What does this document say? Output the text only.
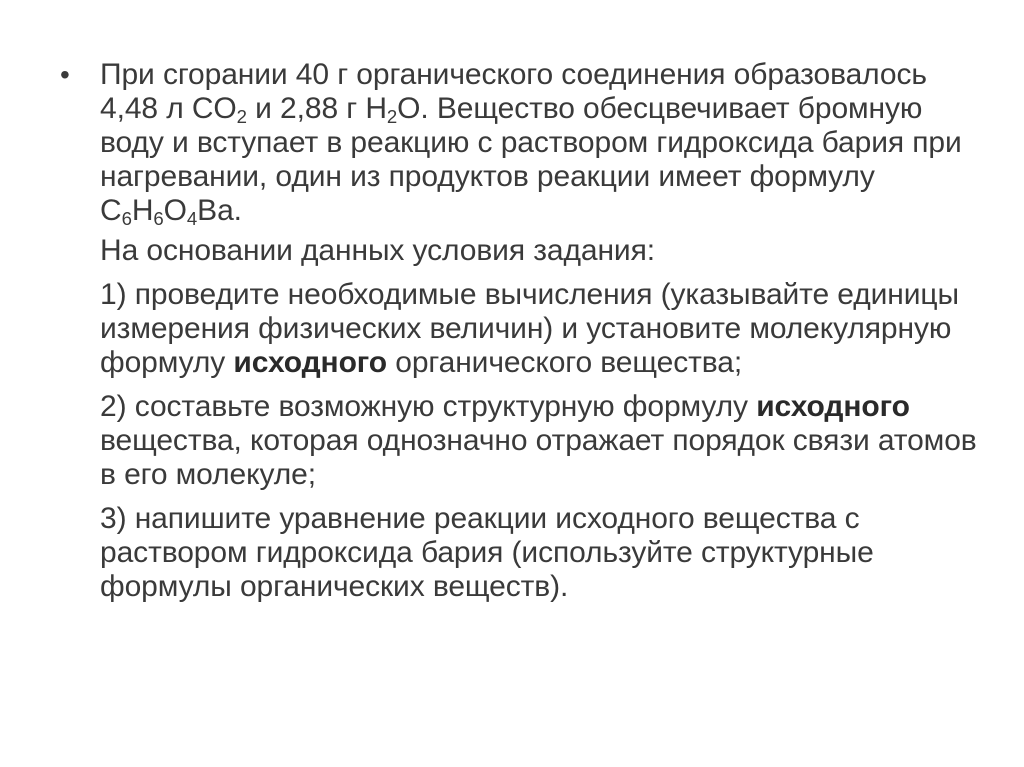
•	При сгорании 40 г органического соединения образовалось 4,48 л $CO_2$ и 2,88 г $H_2O$. Вещество обесцвечивает бромную воду и вступает в реакцию с раствором гидроксида бария при нагревании, один из продуктов реакции имеет формулу $C_6H_6O_4Ba$.
На основании данных условия задания:
1) проведите необходимые вычисления (указывайте единицы измерения физических величин) и установите молекулярную формулу исходного органического вещества;
2) составьте возможную структурную формулу исходного вещества, которая однозначно отражает порядок связи атомов в его молекуле;
3) напишите уравнение реакции исходного вещества с раствором гидроксида бария (используйте структурные формулы органических веществ).
